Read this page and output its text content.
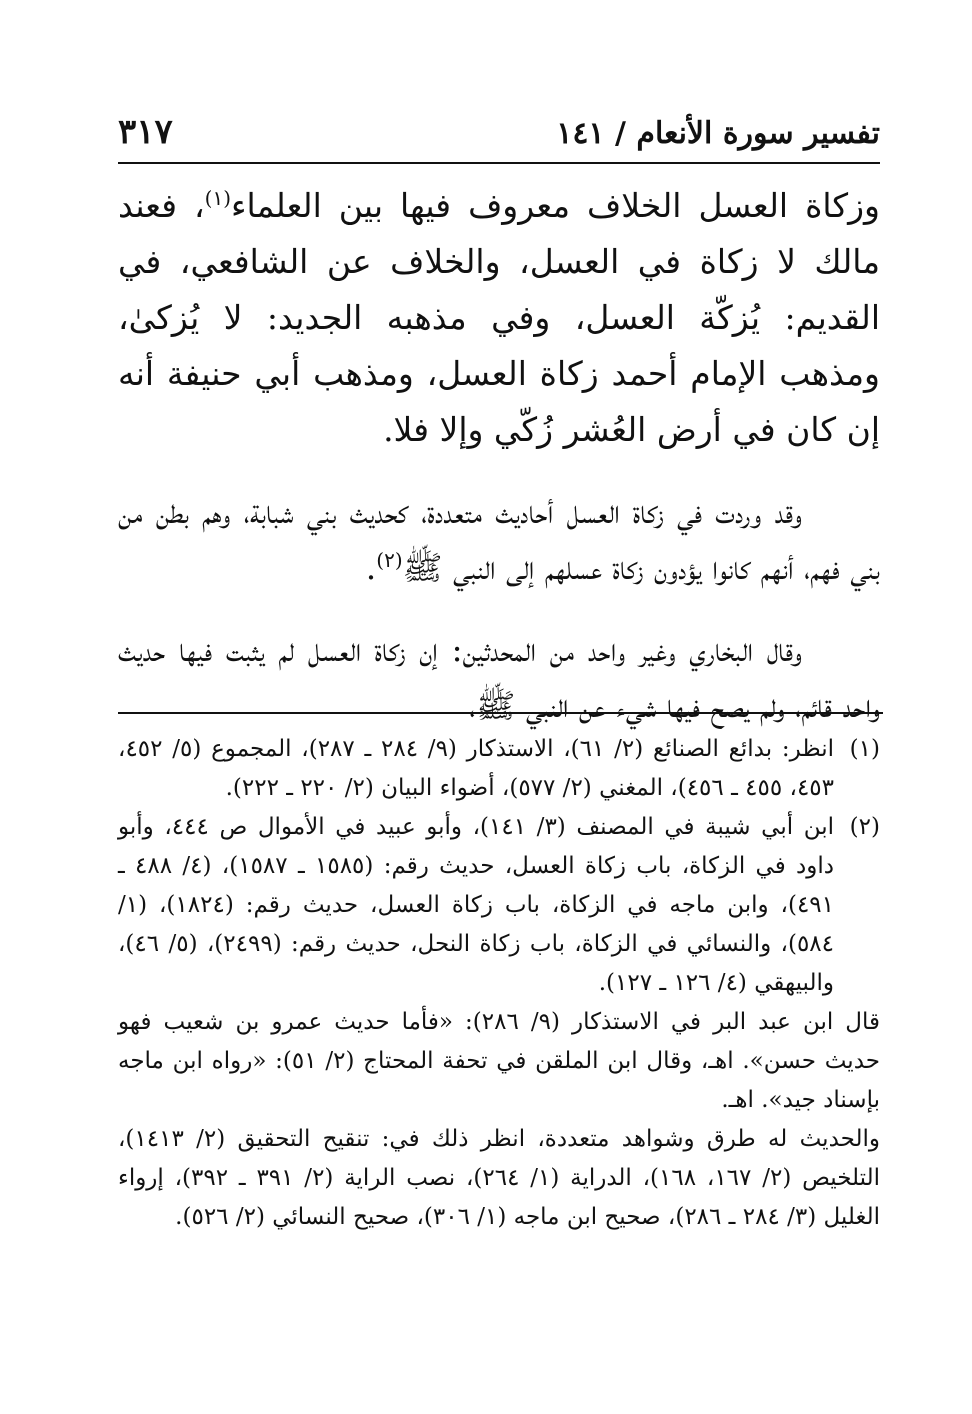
تفسير سورة الأنعام / ١٤١
٣١٧

وزكاة العسل الخلاف معروف فيها بين العلماء$^{(١)}$، فعند مالك لا زكاة في العسل، والخلاف عن الشافعي، في القديم: يُزكّة العسل، وفي مذهبه الجديد: لا يُزكىٰ، ومذهب الإمام أحمد زكاة العسل، ومذهب أبي حنيفة أنه إن كان في أرض العُشر زُكّي وإلا فلا.

وقد وردت في زكاة العسل أحاديث متعددة، كحديث بني شبابة، وهم بطن من بني فهم، أنهم كانوا يؤدون زكاة عسلهم إلى النبي ﷺ$^{(٢)}$.

وقال البخاري وغير واحد من المحدثين: إن زكاة العسل لم يثبت فيها حديث واحد قائم، ولم يصح فيها شيء عن النبي ﷺ،

(١)

انظر: بدائع الصنائع (٢/ ٦١)، الاستذكار (٩/ ٢٨٤ ـ ٢٨٧)، المجموع (٥/ ٤٥٢، ٤٥٣، ٤٥٥ ـ ٤٥٦)، المغني (٢/ ٥٧٧)، أضواء البيان (٢/ ٢٢٠ ـ ٢٢٢).

(٢)

ابن أبي شيبة في المصنف (٣/ ١٤١)، وأبو عبيد في الأموال ص ٤٤٤، وأبو داود في الزكاة، باب زكاة العسل، حديث رقم: (١٥٨٥ ـ ١٥٨٧)، (٤/ ٤٨٨ ـ ٤٩١)، وابن ماجه في الزكاة، باب زكاة العسل، حديث رقم: (١٨٢٤)، (١/ ٥٨٤)، والنسائي في الزكاة، باب زكاة النحل، حديث رقم: (٢٤٩٩)، (٥/ ٤٦)، والبيهقي (٤/ ١٢٦ ـ ١٢٧).

قال ابن عبد البر في الاستذكار (٩/ ٢٨٦): «فأما حديث عمرو بن شعيب فهو حديث حسن». اهـ، وقال ابن الملقن في تحفة المحتاج (٢/ ٥١): «رواه ابن ماجه بإسناد جيد». اهـ.

والحديث له طرق وشواهد متعددة، انظر ذلك في: تنقيح التحقيق (٢/ ١٤١٣)، التلخيص (٢/ ١٦٧، ١٦٨)، الدراية (١/ ٢٦٤)، نصب الراية (٢/ ٣٩١ ـ ٣٩٢)، إرواء الغليل (٣/ ٢٨٤ ـ ٢٨٦)، صحيح ابن ماجه (١/ ٣٠٦)، صحيح النسائي (٢/ ٥٢٦).
